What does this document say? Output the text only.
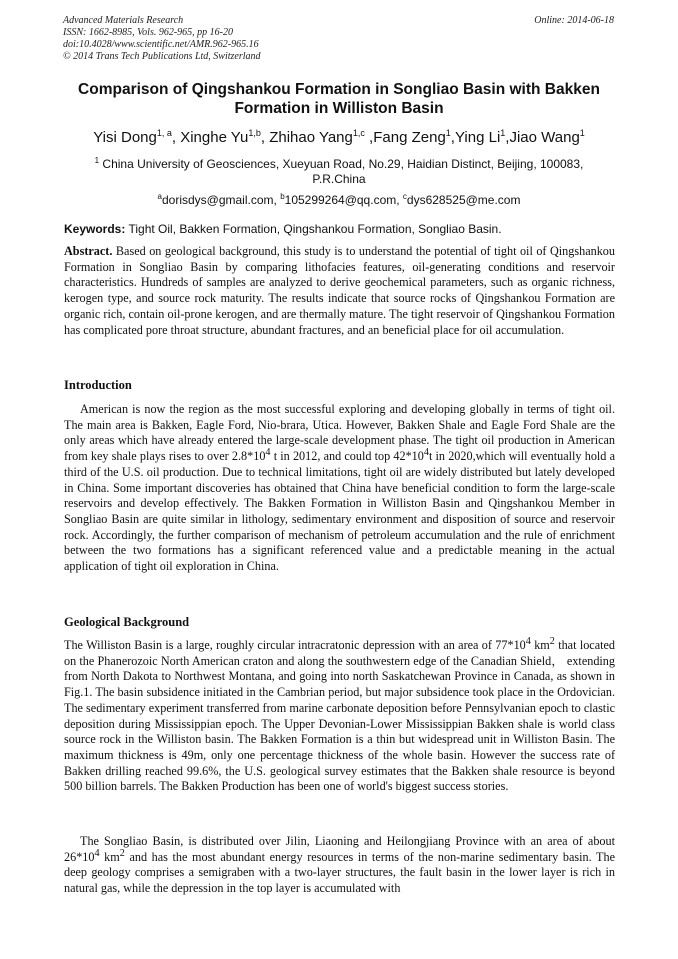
Advanced Materials Research
ISSN: 1662-8985, Vols. 962-965, pp 16-20
doi:10.4028/www.scientific.net/AMR.962-965.16
© 2014 Trans Tech Publications Ltd, Switzerland
Online: 2014-06-18
Comparison of Qingshankou Formation in Songliao Basin with Bakken
Formation in Williston Basin
Yisi Dong$^{1, a}$, Xinghe Yu$^{1,b}$, Zhihao Yang$^{1,c}$ ,Fang Zeng$^1$,Ying Li$^1$,Jiao Wang$^1$
$^1$ China University of Geosciences, Xueyuan Road, No.29, Haidian Distinct, Beijing, 100083,
P.R.China
$^a$dorisdys@gmail.com, $^b$105299264@qq.com, $^c$dys628525@me.com
Keywords: Tight Oil, Bakken Formation, Qingshankou Formation, Songliao Basin.
Abstract. Based on geological background, this study is to understand the potential of tight oil of Qingshankou Formation in Songliao Basin by comparing lithofacies features, oil-generating conditions and reservoir characteristics. Hundreds of samples are analyzed to derive geochemical parameters, such as organic richness, kerogen type, and source rock maturity. The results indicate that source rocks of Qingshankou Formation are organic rich, contain oil-prone kerogen, and are thermally mature. The tight reservoir of Qingshankou Formation has complicated pore throat structure, abundant fractures, and an beneficial place for oil accumulation.
Introduction
American is now the region as the most successful exploring and developing globally in terms of tight oil. The main area is Bakken, Eagle Ford, Nio-brara, Utica. However, Bakken Shale and Eagle Ford Shale are the only areas which have already entered the large-scale development phase. The tight oil production in American from key shale plays rises to over $2.8*10^4$ t in 2012, and could top $42*10^4t$ in 2020,which will eventually hold a third of the U.S. oil production. Due to technical limitations, tight oil are widely distributed but lately developed in China. Some important discoveries has obtained that China have beneficial condition to form the large-scale reservoirs and develop effectively. The Bakken Formation in Williston Basin and Qingshankou Member in Songliao Basin are quite similar in lithology, sedimentary environment and disposition of source and reservoir rock. Accordingly, the further comparison of mechanism of petroleum accumulation and the rule of enrichment between the two formations has a significant referenced value and a predictable meaning in the actual application of tight oil exploration in China.
Geological Background
The Williston Basin is a large, roughly circular intracratonic depression with an area of $77*10^4$ $km^2$ that located on the Phanerozoic North American craton and along the southwestern edge of the Canadian Shield， extending from North Dakota to Northwest Montana, and going into north Saskatchewan Province in Canada, as shown in Fig.1. The basin subsidence initiated in the Cambrian period, but major subsidence took place in the Ordovician. The sedimentary experiment transferred from marine carbonate deposition before Pennsylvanian epoch to clastic deposition during Mississippian epoch. The Upper Devonian-Lower Mississippian Bakken shale is world class source rock in the Williston basin. The Bakken Formation is a thin but widespread unit in Williston Basin. The maximum thickness is 49m, only one percentage thickness of the whole basin. However the success rate of Bakken drilling reached 99.6%, the U.S. geological survey estimates that the Bakken shale resource is beyond 500 billion barrels. The Bakken Production has been one of world's biggest success stories.
The Songliao Basin, is distributed over Jilin, Liaoning and Heilongjiang Province with an area of about $26*10^4$ $km^2$ and has the most abundant energy resources in terms of the non-marine sedimentary basin. The deep geology comprises a semigraben with a two-layer structures, the fault basin in the lower layer is rich in natural gas, while the depression in the top layer is accumulated with
